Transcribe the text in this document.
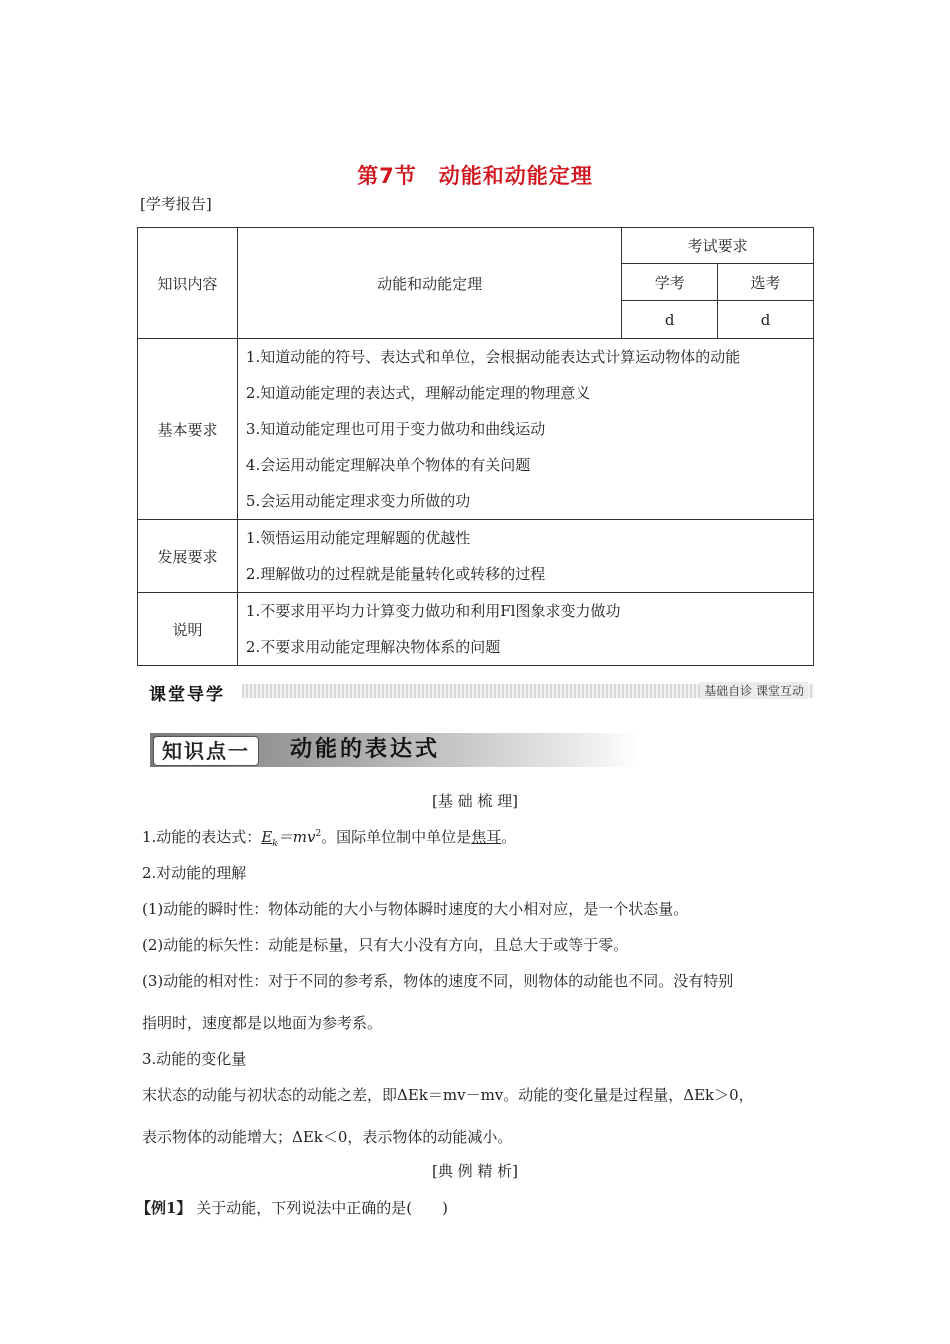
第7节　动能和动能定理
[学考报告]
知识内容	动能和动能定理	考试要求	
		学考	选考
		d	d
基本要求	1.知道动能的符号、表达式和单位，会根据动能表达式计算运动物体的动能
2.知道动能定理的表达式，理解动能定理的物理意义
3.知道动能定理也可用于变力做功和曲线运动
4.会运用动能定理解决单个物体的有关问题
5.会运用动能定理求变力所做的功		

发展要求	1.领悟运用动能定理解题的优越性
2.理解做功的过程就是能量转化或转移的过程		

说明	1.不要求用平均力计算变力做功和利用Fl图象求变力做功
2.不要求用动能定理解决物体系的问题		
课堂导学	基础自诊 课堂互动
知识点一	动能的表达式
[基 础 梳 理]
1.动能的表达式：$E_k=mv^2$。国际单位制中单位是焦耳。
2.对动能的理解
(1)动能的瞬时性：物体动能的大小与物体瞬时速度的大小相对应，是一个状态量。
(2)动能的标矢性：动能是标量，只有大小没有方向，且总大于或等于零。
(3)动能的相对性：对于不同的参考系，物体的速度不同，则物体的动能也不同。没有特别
指明时，速度都是以地面为参考系。
3.动能的变化量
末状态的动能与初状态的动能之差，即ΔEk＝mv－mv。动能的变化量是过程量，ΔEk＞0，
表示物体的动能增大；ΔEk＜0，表示物体的动能减小。
[典 例 精 析]
【例1】 关于动能，下列说法中正确的是(　　)
